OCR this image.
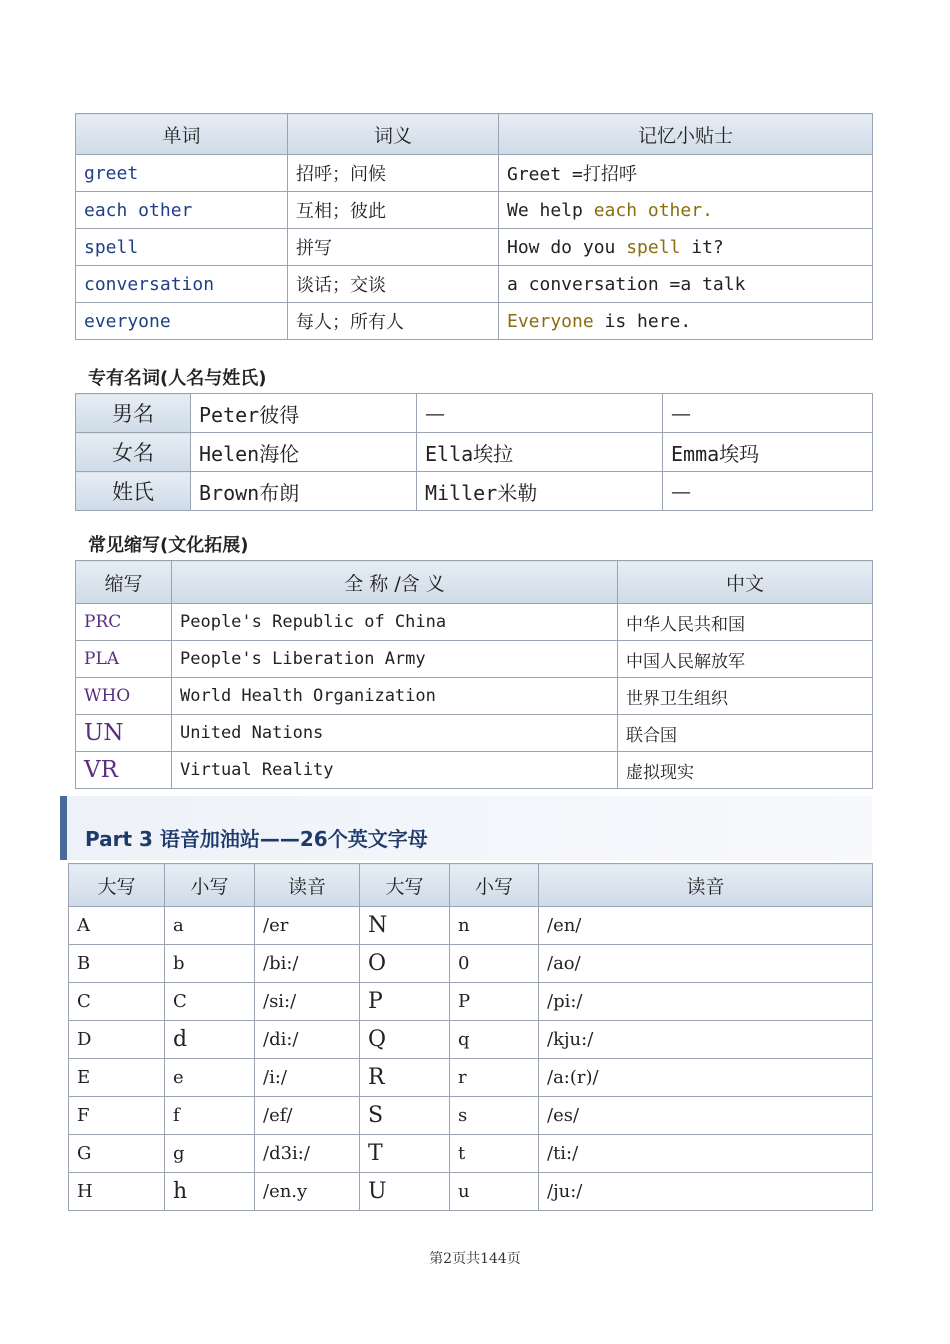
单词	词义	记忆小贴士
greet	招呼；问候	Greet =打招呼
each other	互相；彼此	We help each other.
spell	拼写	How do you spell it?
conversation	谈话；交谈	a conversation =a talk
everyone	每人；所有人	Everyone is here.
专有名词(人名与姓氏)
男名	Peter彼得	—	—
女名	Helen海伦	Ella埃拉	Emma埃玛
姓氏	Brown布朗	Miller米勒	—
常见缩写(文化拓展)
缩写	全 称 /含 义	中文
PRC	People's Republic of China	中华人民共和国
PLA	People's Liberation Army	中国人民解放军
WHO	World Health Organization	世界卫生组织
UN	United Nations	联合国
VR	Virtual Reality	虚拟现实
Part 3 语音加油站——26个英文字母
大写	小写	读音	大写	小写	读音
A	a	/er	N	n	/en/
B	b	/bi:/	O	0	/ao/
C	C	/si:/	P	P	/pi:/
D	d	/di:/	Q	q	/kju:/
E	e	/i:/	R	r	/a:(r)/
F	f	/ef/	S	s	/es/
G	g	/d3i:/	T	t	/ti:/
H	h	/en.y	U	u	/ju:/
第2页共144页
